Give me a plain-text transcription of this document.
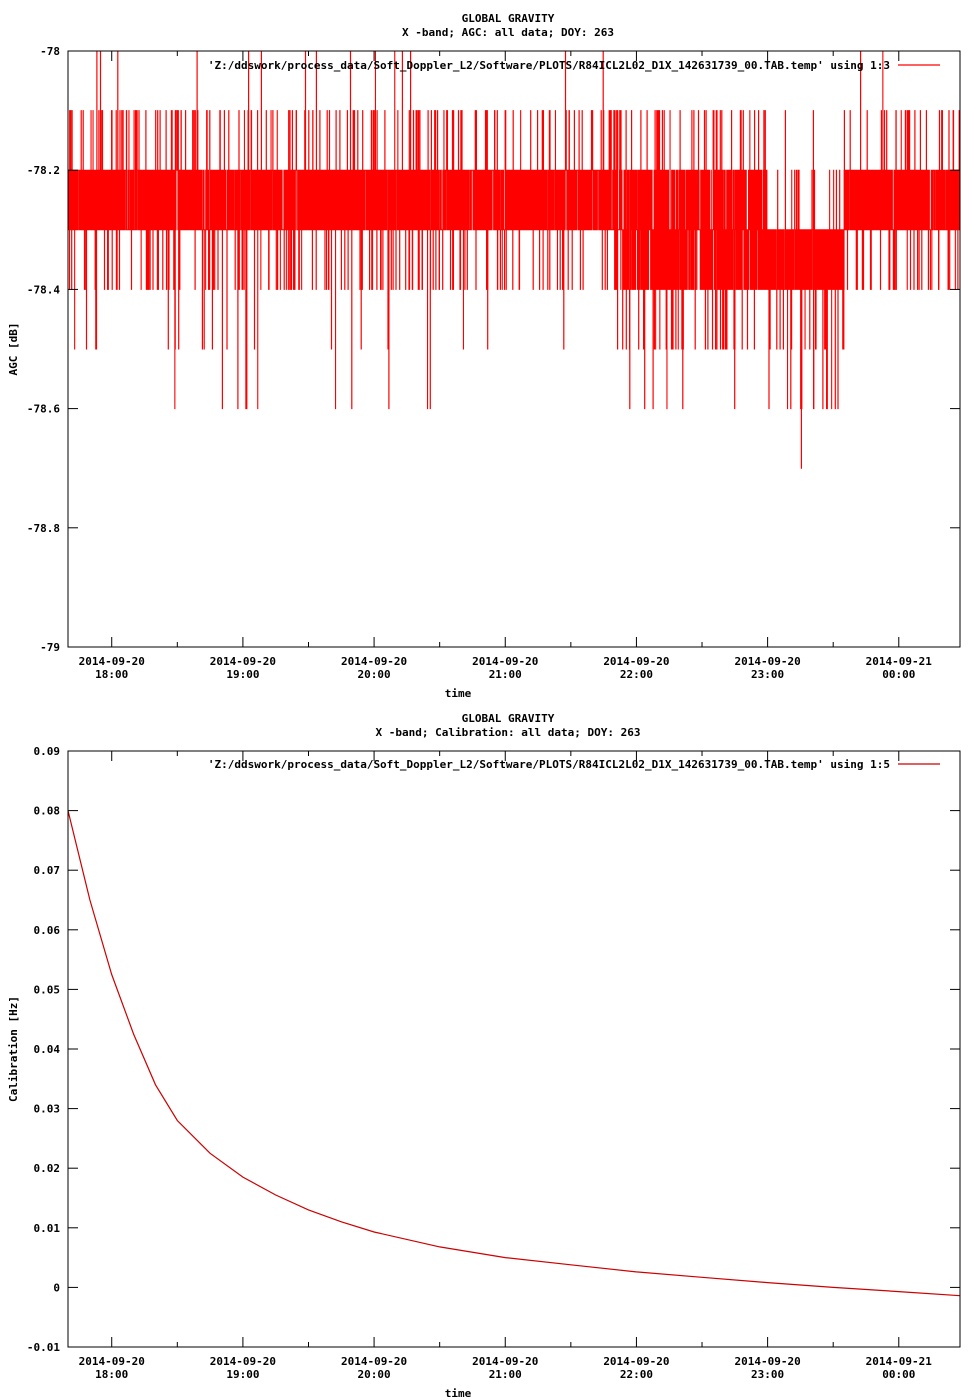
GLOBAL GRAVITY
X -band; AGC: all data; DOY: 263
-79
-78.8
-78.6
-78.4
-78.2
-78
2014-09-20
18:00
2014-09-20
19:00
2014-09-20
20:00
2014-09-20
21:00
2014-09-20
22:00
2014-09-20
23:00
2014-09-21
00:00
time
AGC [dB]
'Z:/ddswork/process_data/Soft_Doppler_L2/Software/PLOTS/R84ICL2L02_D1X_142631739_00.TAB.temp' using 1:3
GLOBAL GRAVITY
X -band; Calibration: all data; DOY: 263
-0.01
0
0.01
0.02
0.03
0.04
0.05
0.06
0.07
0.08
0.09
2014-09-20
18:00
2014-09-20
19:00
2014-09-20
20:00
2014-09-20
21:00
2014-09-20
22:00
2014-09-20
23:00
2014-09-21
00:00
time
Calibration [Hz]
'Z:/ddswork/process_data/Soft_Doppler_L2/Software/PLOTS/R84ICL2L02_D1X_142631739_00.TAB.temp' using 1:5
